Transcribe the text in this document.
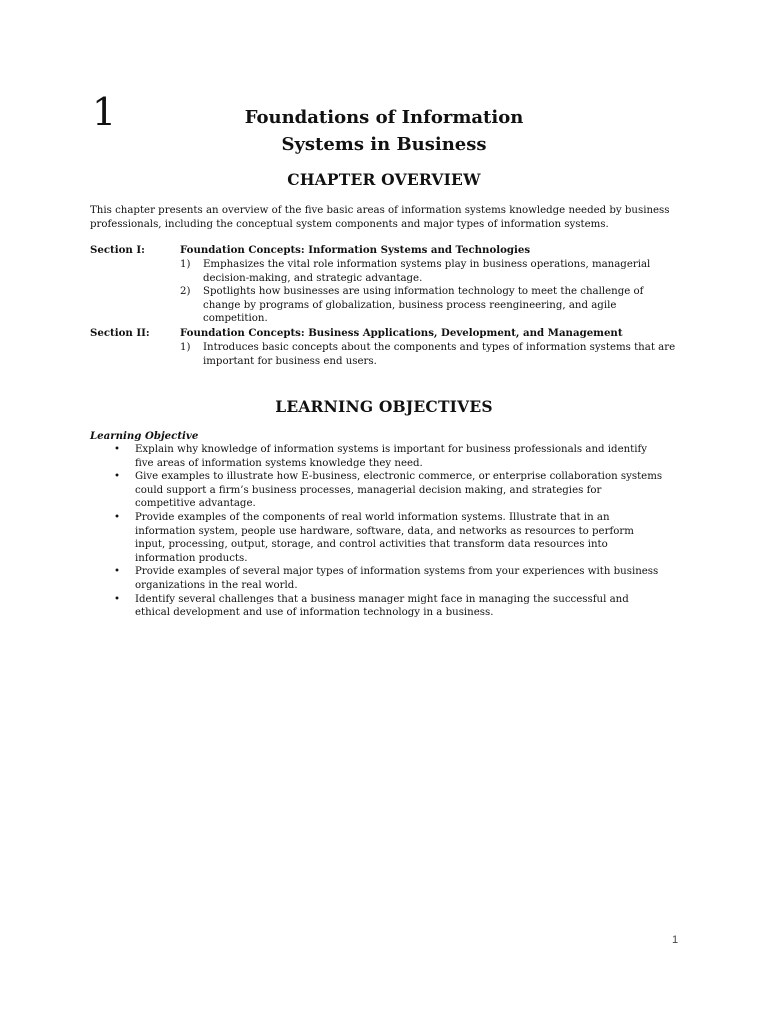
1	Foundations of Information
Systems in Business
CHAPTER OVERVIEW
This chapter presents an overview of the five basic areas of information systems knowledge needed by business professionals, including the conceptual system components and major types of information systems.
Section I:	Foundation Concepts: Information Systems and Technologies
1) Emphasizes the vital role information systems play in business operations, managerial decision-making, and strategic advantage.
2) Spotlights how businesses are using information technology to meet the challenge of change by programs of globalization, business process reengineering, and agile competition.
Section II:	Foundation Concepts: Business Applications, Development, and Management
1) Introduces basic concepts about the components and types of information systems that are important for business end users.
LEARNING OBJECTIVES
Learning Objective
• Explain why knowledge of information systems is important for business professionals and identify five areas of information systems knowledge they need.
• Give examples to illustrate how E-business, electronic commerce, or enterprise collaboration systems could support a firm’s business processes, managerial decision making, and strategies for competitive advantage.
• Provide examples of the components of real world information systems. Illustrate that in an information system, people use hardware, software, data, and networks as resources to perform input, processing, output, storage, and control activities that transform data resources into information products.
• Provide examples of several major types of information systems from your experiences with business organizations in the real world.
• Identify several challenges that a business manager might face in managing the successful and ethical development and use of information technology in a business.
1
